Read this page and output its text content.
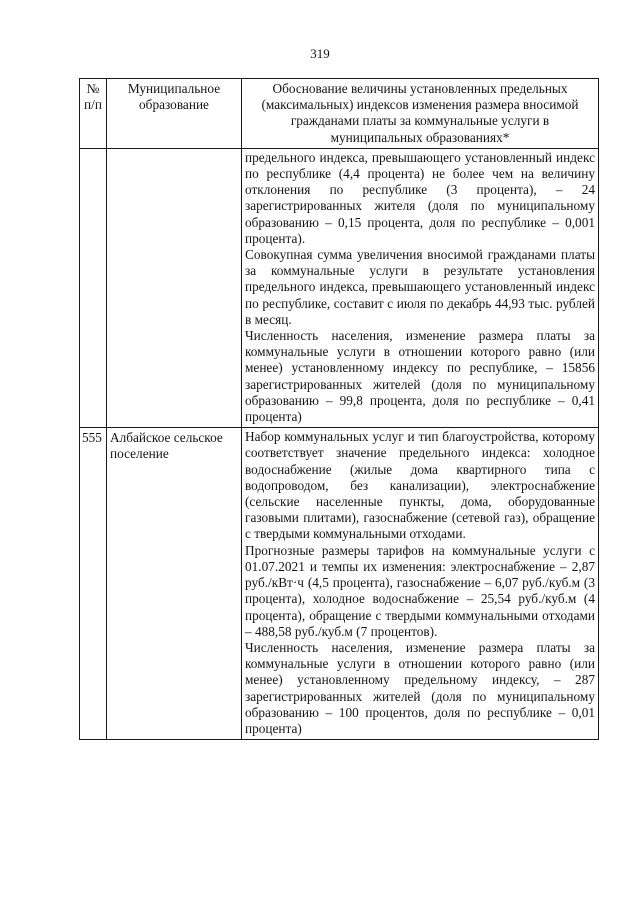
319
№ п/п	Муниципальное образование	Обоснование величины установленных предельных (максимальных) индексов изменения размера вносимой гражданами платы за коммунальные услуги в муниципальных образованиях*

		предельного индекса, превышающего установленный индекс по республике (4,4 процента) не более чем на величину отклонения по республике (3 процента), – 24 зарегистрированных жителя (доля по муниципальному образованию – 0,15 процента, доля по республике – 0,001 процента).
Совокупная сумма увеличения вносимой гражданами платы за коммунальные услуги в результате установления предельного индекса, превышающего установленный индекс по республике, составит с июля по декабрь 44,93 тыс. рублей в месяц.
Численность населения, изменение размера платы за коммунальные услуги в отношении которого равно (или менее) установленному индексу по республике, – 15856 зарегистрированных жителей (доля по муниципальному образованию – 99,8 процента, доля по республике – 0,41 процента)

555	Албайское сельское поселение	Набор коммунальных услуг и тип благоустройства, которому соответствует значение предельного индекса: холодное водоснабжение (жилые дома квартирного типа с водопроводом, без канализации), электроснабжение (сельские населенные пункты, дома, оборудованные газовыми плитами), газоснабжение (сетевой газ), обращение с твердыми коммунальными отходами.
Прогнозные размеры тарифов на коммунальные услуги с 01.07.2021 и темпы их изменения: электроснабжение – 2,87 руб./кВт·ч (4,5 процента), газоснабжение – 6,07 руб./куб.м (3 процента), холодное водоснабжение – 25,54 руб./куб.м (4 процента), обращение с твердыми коммунальными отходами – 488,58 руб./куб.м (7 процентов).
Численность населения, изменение размера платы за коммунальные услуги в отношении которого равно (или менее) установленному предельному индексу, – 287 зарегистрированных жителей (доля по муниципальному образованию – 100 процентов, доля по республике – 0,01 процента)
